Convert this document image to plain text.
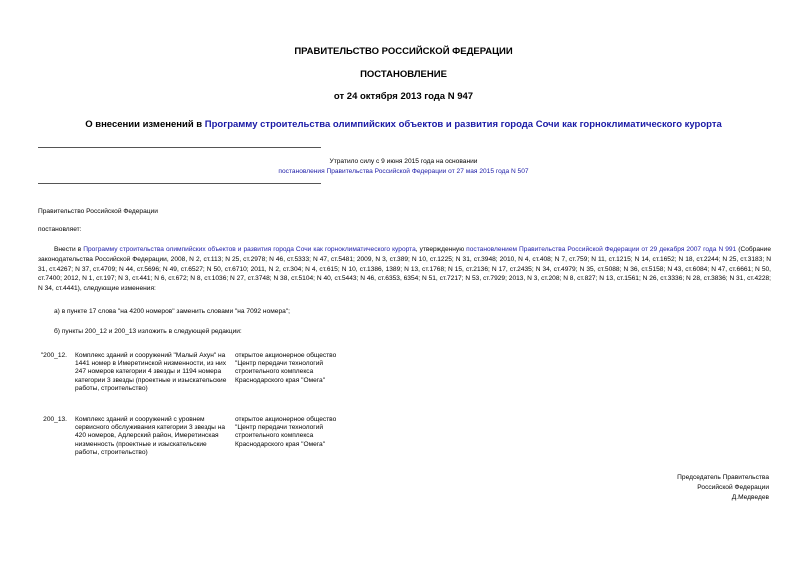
ПРАВИТЕЛЬСТВО РОССИЙСКОЙ ФЕДЕРАЦИИ
ПОСТАНОВЛЕНИЕ
от 24 октября 2013 года N 947
О внесении изменений в Программу строительства олимпийских объектов и развития города Сочи как горноклиматического курорта
Утратило силу с 9 июня 2015 года на основании
постановления Правительства Российской Федерации от 27 мая 2015 года N 507
Правительство Российской Федерации
постановляет:
Внести в Программу строительства олимпийских объектов и развития города Сочи как горноклиматического курорта, утвержденную постановлением Правительства Российской Федерации от 29 декабря 2007 года N 991 (Собрание законодательства Российской Федерации, 2008, N 2, ст.113; N 25, ст.2978; N 46, ст.5333; N 47, ст.5481; 2009, N 3, ст.389; N 10, ст.1225; N 31, ст.3948; 2010, N 4, ст.408; N 7, ст.759; N 11, ст.1215; N 14, ст.1652; N 18, ст.2244; N 25, ст.3183; N 31, ст.4267; N 37, ст.4709; N 44, ст.5696; N 49, ст.6527; N 50, ст.6710; 2011, N 2, ст.304; N 4, ст.615; N 10, ст.1386, 1389; N 13, ст.1768; N 15, ст.2136; N 17, ст.2435; N 34, ст.4979; N 35, ст.5088; N 36, ст.5158; N 43, ст.6084; N 47, ст.6661; N 50, ст.7400; 2012, N 1, ст.197; N 3, ст.441; N 6, ст.672; N 8, ст.1036; N 27, ст.3748; N 38, ст.5104; N 40, ст.5443; N 46, ст.6353, 6354; N 51, ст.7217; N 53, ст.7929; 2013, N 3, ст.208; N 8, ст.827; N 13, ст.1561; N 26, ст.3336; N 28, ст.3836; N 31, ст.4228; N 34, ст.4441), следующие изменения:
а) в пункте 17 слова "на 4200 номеров" заменить словами "на 7092 номера";
б) пункты 200_12 и 200_13 изложить в следующей редакции:
"200_12. Комплекс зданий и сооружений "Малый Ахун" на 1441 номер в Имеретинской низменности, из них 247 номеров категории 4 звезды и 1194 номера категории 3 звезды (проектные и изыскательские работы, строительство)
открытое акционерное общество "Центр передачи технологий строительного комплекса Краснодарского края "Омега"
200_13. Комплекс зданий и сооружений с уровнем сервисного обслуживания категории 3 звезды на 420 номеров, Адлерский район, Имеретинская низменность (проектные и изыскательские работы, строительство)
открытое акционерное общество "Центр передачи технологий строительного комплекса Краснодарского края "Омега"
Председатель Правительства
Российской Федерации
Д.Медведев
